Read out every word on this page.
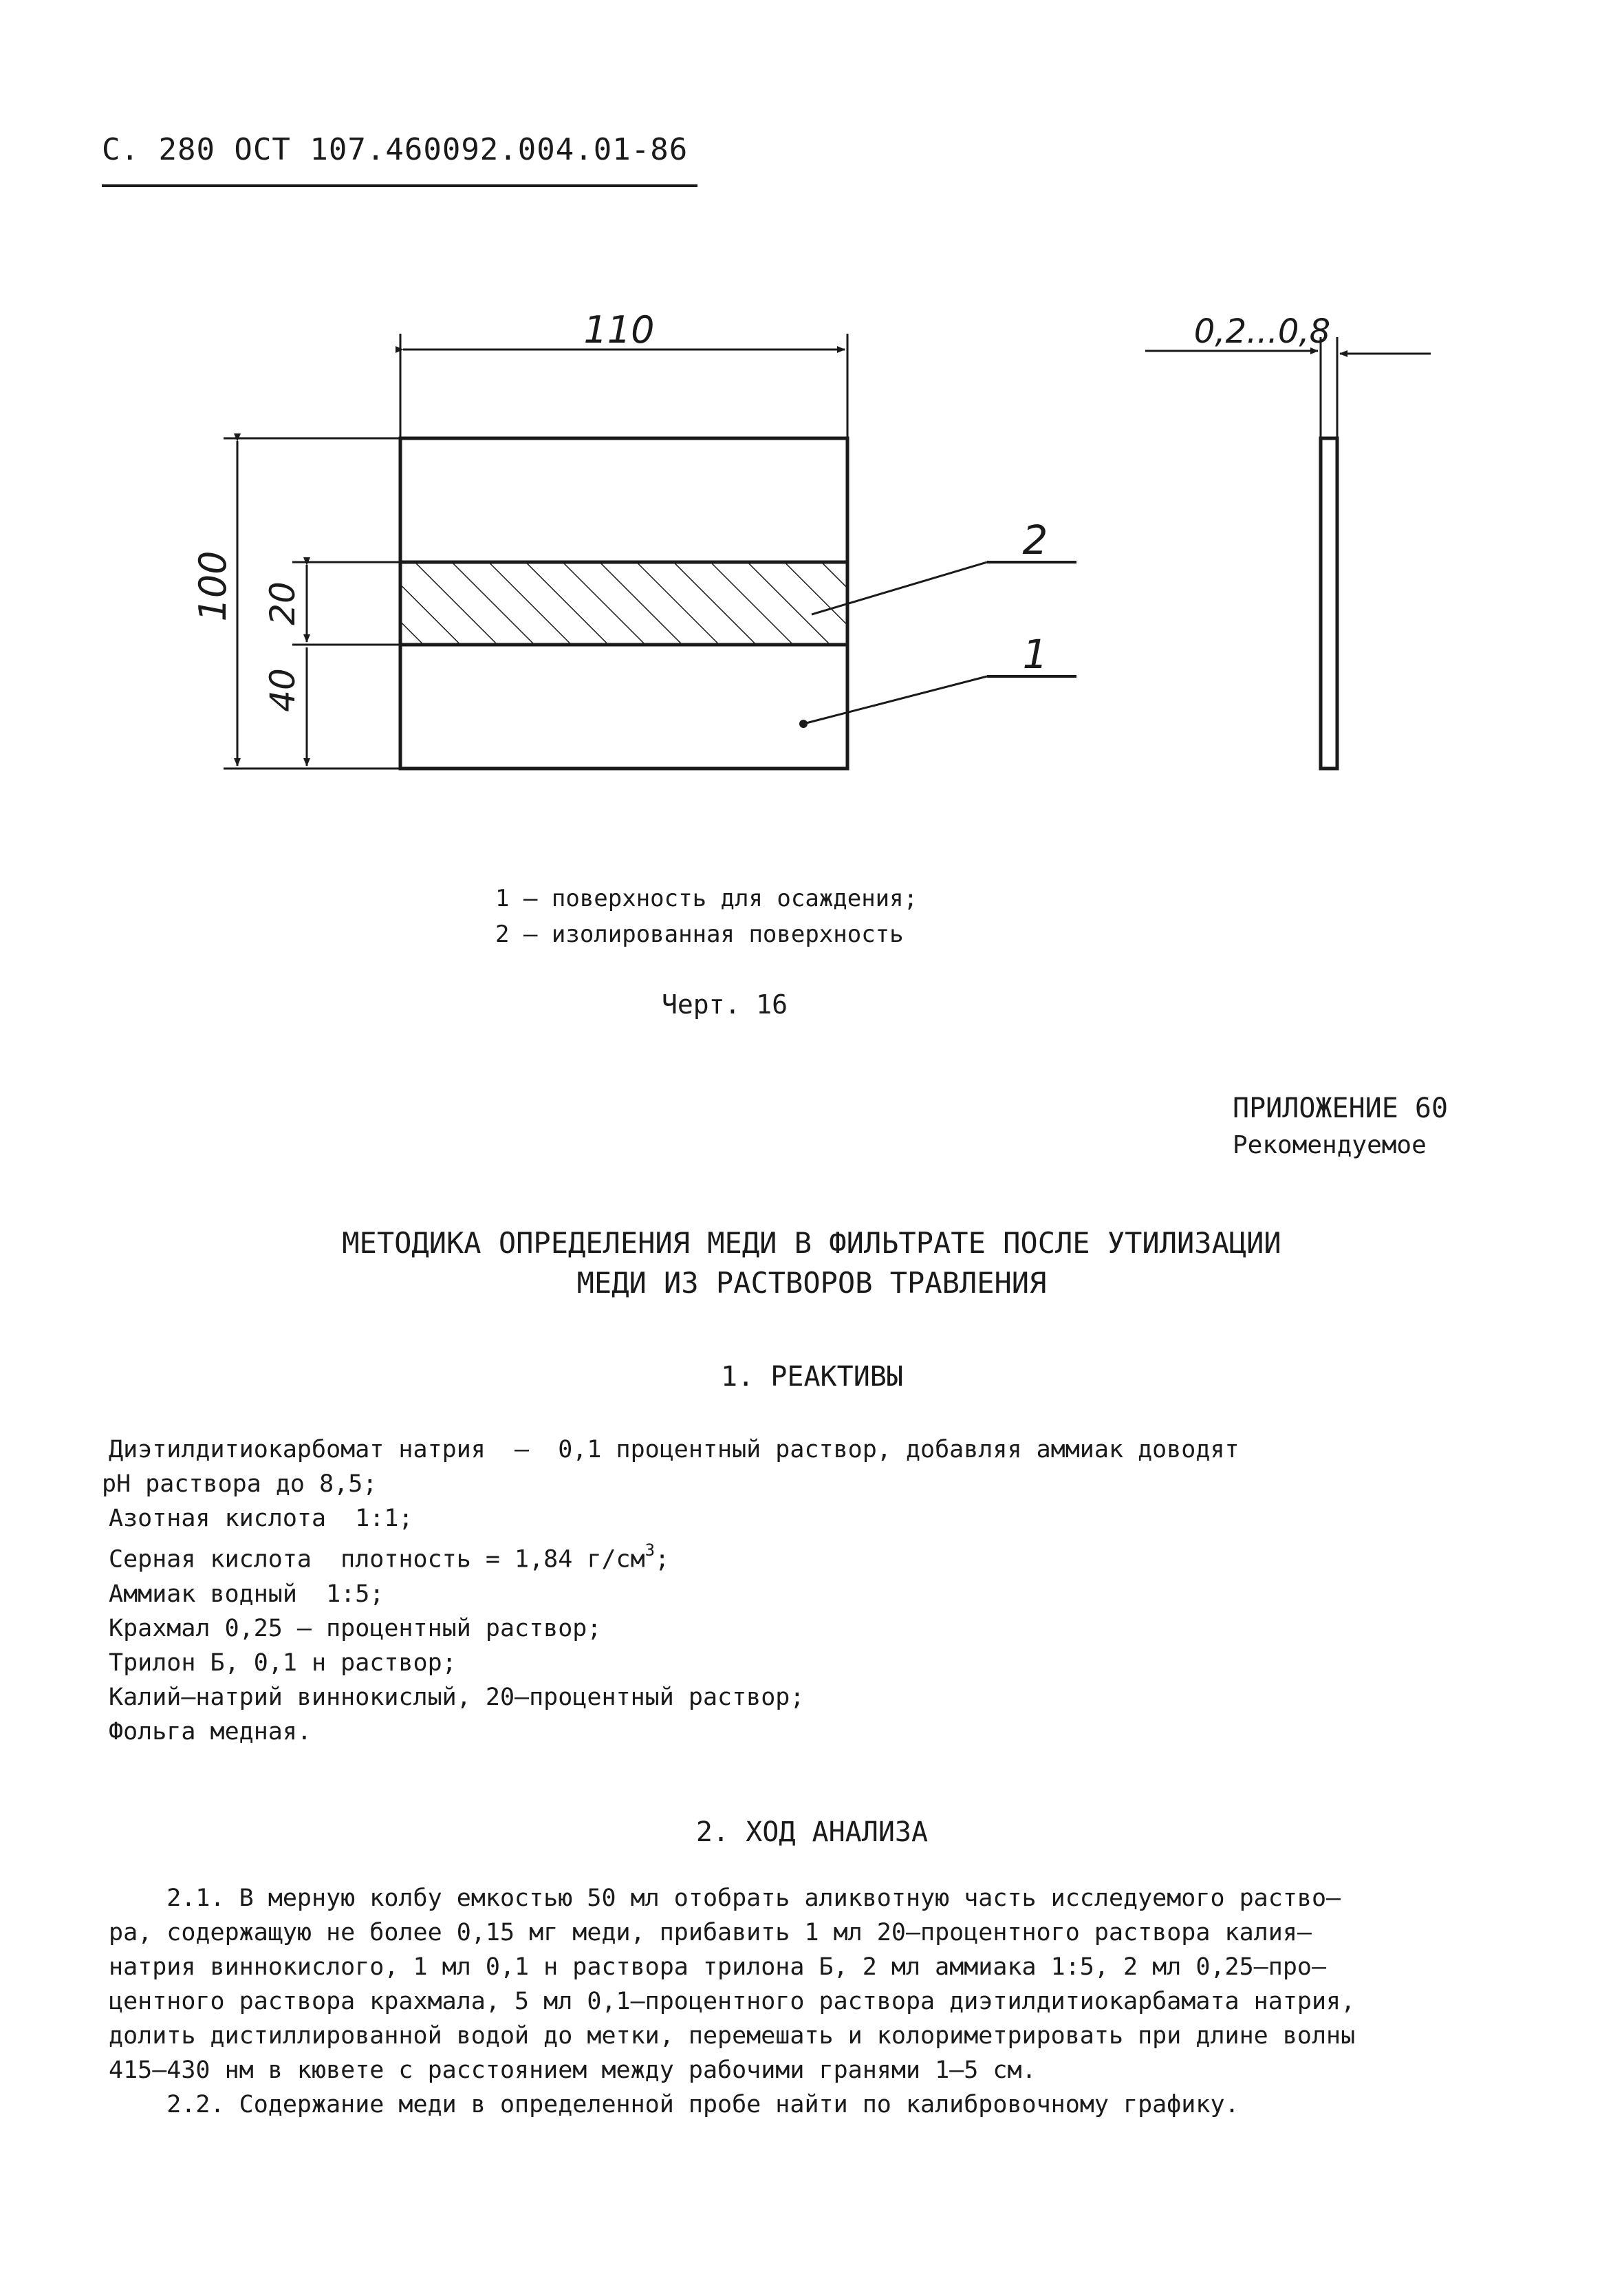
С. 280 ОСТ 107.460092.004.01-86
110
100 20
40
2
1
0,2...0,8
1 – поверхность для осаждения;
2 – изолированная поверхность
Черт. 16
ПРИЛОЖЕНИЕ 60
Рекомендуемое
МЕТОДИКА ОПРЕДЕЛЕНИЯ МЕДИ В ФИЛЬТРАТЕ ПОСЛЕ УТИЛИЗАЦИИ
МЕДИ ИЗ РАСТВОРОВ ТРАВЛЕНИЯ
1. РЕАКТИВЫ
Диэтилдитиокарбомат натрия  –  0,1 процентный раствор, добавляя аммиак доводят
pH раствора до 8,5;
Азотная кислота  1:1;
Серная кислота  плотность = 1,84 $г/см^3$;
Аммиак водный  1:5;
Крахмал 0,25 – процентный раствор;
Трилон Б, 0,1 н раствор;
Калий–натрий виннокислый, 20–процентный раствор;
Фольга медная.
2. ХОД АНАЛИЗА
2.1. В мерную колбу емкостью 50 мл отобрать аликвотную часть исследуемого раство–
ра, содержащую не более 0,15 мг меди, прибавить 1 мл 20–процентного раствора калия–
натрия виннокислого, 1 мл 0,1 н раствора трилона Б, 2 мл аммиака 1:5, 2 мл 0,25–про–
центного раствора крахмала, 5 мл 0,1–процентного раствора диэтилдитиокарбамата натрия,
долить дистиллированной водой до метки, перемешать и колориметрировать при длине волны
415–430 нм в кювете с расстоянием между рабочими гранями 1–5 см.
2.2. Содержание меди в определенной пробе найти по калибровочному графику.
